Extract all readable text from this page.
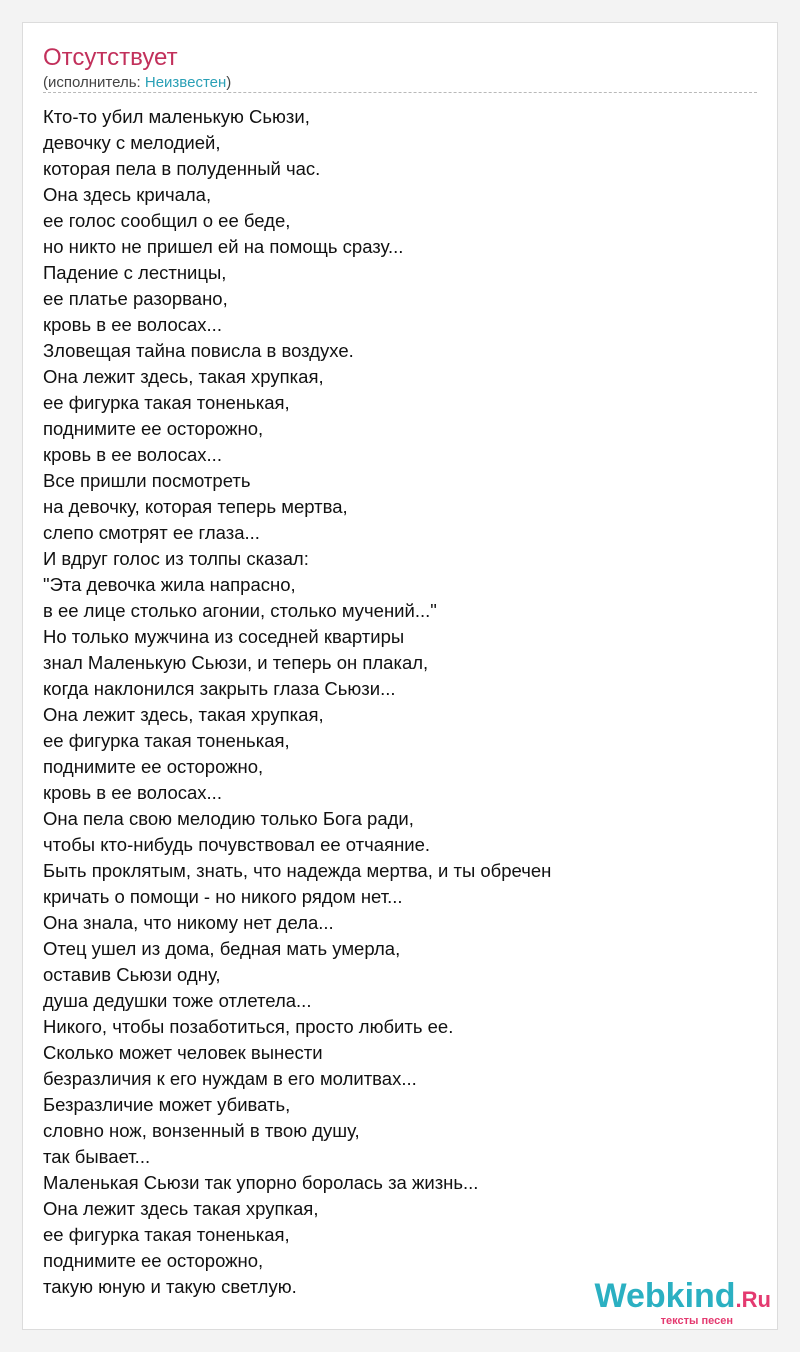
Отсутствует
(исполнитель: Неизвестен)
Кто-то убил маленькую Сьюзи,
девочку с мелодией,
которая пела в полуденный час.
Она здесь кричала,
ее голос сообщил о ее беде,
но никто не пришел ей на помощь сразу...
Падение с лестницы,
ее платье разорвано,
кровь в ее волосах...
Зловещая тайна повисла в воздухе.
Она лежит здесь, такая хрупкая,
ее фигурка такая тоненькая,
поднимите ее осторожно,
кровь в ее волосах...
Все пришли посмотреть
на девочку, которая теперь мертва,
слепо смотрят ее глаза...
И вдруг голос из толпы сказал:
"Эта девочка жила напрасно,
в ее лице столько агонии, столько мучений..."
Но только мужчина из соседней квартиры
знал Маленькую Сьюзи, и теперь он плакал,
когда наклонился закрыть глаза Сьюзи...
Она лежит здесь, такая хрупкая,
ее фигурка такая тоненькая,
поднимите ее осторожно,
кровь в ее волосах...
Она пела свою мелодию только Бога ради,
чтобы кто-нибудь почувствовал ее отчаяние.
Быть проклятым, знать, что надежда мертва, и ты обречен
кричать о помощи - но никого рядом нет...
Она знала, что никому нет дела...
Отец ушел из дома, бедная мать умерла,
оставив Сьюзи одну,
душа дедушки тоже отлетела...
Никого, чтобы позаботиться, просто любить ее.
Сколько может человек вынести
безразличия к его нуждам в его молитвах...
Безразличие может убивать,
словно нож, вонзенный в твою душу,
так бывает...
Маленькая Сьюзи так упорно боролась за жизнь...
Она лежит здесь такая хрупкая,
ее фигурка такая тоненькая,
поднимите ее осторожно,
такую юную и такую светлую.	Webkind.Ru
тексты песен
